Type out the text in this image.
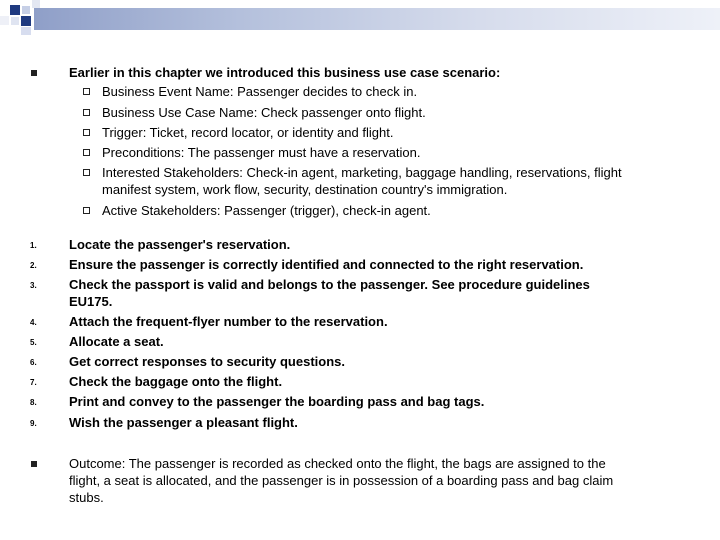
Earlier in this chapter we introduced this business use case scenario:
Business Event Name: Passenger decides to check in.
Business Use Case Name: Check passenger onto flight.
Trigger: Ticket, record locator, or identity and flight.
Preconditions: The passenger must have a reservation.
Interested Stakeholders: Check-in agent, marketing, baggage handling, reservations, flight
manifest system, work flow, security, destination country's immigration.
Active Stakeholders: Passenger (trigger), check-in agent.
1. Locate the passenger's reservation.
2. Ensure the passenger is correctly identified and connected to the right reservation.
3. Check the passport is valid and belongs to the passenger. See procedure guidelines
EU175.
4. Attach the frequent-flyer number to the reservation.
5. Allocate a seat.
6. Get correct responses to security questions.
7. Check the baggage onto the flight.
8. Print and convey to the passenger the boarding pass and bag tags.
9. Wish the passenger a pleasant flight.
Outcome: The passenger is recorded as checked onto the flight, the bags are assigned to the
flight, a seat is allocated, and the passenger is in possession of a boarding pass and bag claim
stubs.
